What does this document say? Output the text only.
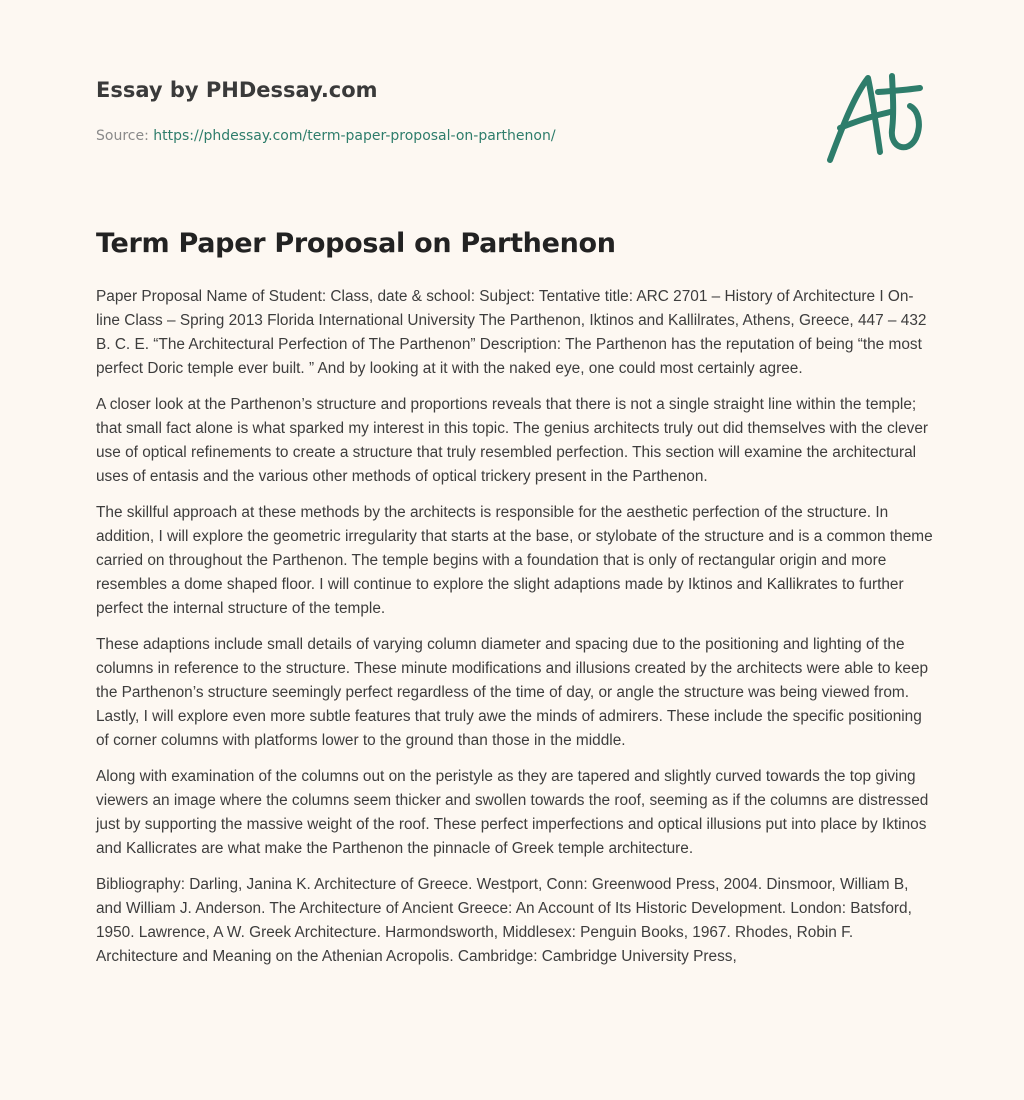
Essay by PHDessay.com
Source: https://phdessay.com/term-paper-proposal-on-parthenon/
Term Paper Proposal on Parthenon

Paper Proposal Name of Student: Class, date & school: Subject: Tentative title: ARC 2701 – History of Architecture I On-line Class – Spring 2013 Florida International University The Parthenon, Iktinos and Kallilrates, Athens, Greece, 447 – 432 B. C. E. “The Architectural Perfection of The Parthenon” Description: The Parthenon has the reputation of being “the most perfect Doric temple ever built. ” And by looking at it with the naked eye, one could most certainly agree.

A closer look at the Parthenon’s structure and proportions reveals that there is not a single straight line within the temple; that small fact alone is what sparked my interest in this topic. The genius architects truly out did themselves with the clever use of optical refinements to create a structure that truly resembled perfection. This section will examine the architectural uses of entasis and the various other methods of optical trickery present in the Parthenon.

The skillful approach at these methods by the architects is responsible for the aesthetic perfection of the structure. In addition, I will explore the geometric irregularity that starts at the base, or stylobate of the structure and is a common theme carried on throughout the Parthenon. The temple begins with a foundation that is only of rectangular origin and more resembles a dome shaped floor. I will continue to explore the slight adaptions made by Iktinos and Kallikrates to further perfect the internal structure of the temple.

These adaptions include small details of varying column diameter and spacing due to the positioning and lighting of the columns in reference to the structure. These minute modifications and illusions created by the architects were able to keep the Parthenon’s structure seemingly perfect regardless of the time of day, or angle the structure was being viewed from. Lastly, I will explore even more subtle features that truly awe the minds of admirers. These include the specific positioning of corner columns with platforms lower to the ground than those in the middle.

Along with examination of the columns out on the peristyle as they are tapered and slightly curved towards the top giving viewers an image where the columns seem thicker and swollen towards the roof, seeming as if the columns are distressed just by supporting the massive weight of the roof. These perfect imperfections and optical illusions put into place by Iktinos and Kallicrates are what make the Parthenon the pinnacle of Greek temple architecture.

Bibliography: Darling, Janina K. Architecture of Greece. Westport, Conn: Greenwood Press, 2004. Dinsmoor, William B, and William J. Anderson. The Architecture of Ancient Greece: An Account of Its Historic Development. London: Batsford, 1950. Lawrence, A W. Greek Architecture. Harmondsworth, Middlesex: Penguin Books, 1967. Rhodes, Robin F. Architecture and Meaning on the Athenian Acropolis. Cambridge: Cambridge University Press,
